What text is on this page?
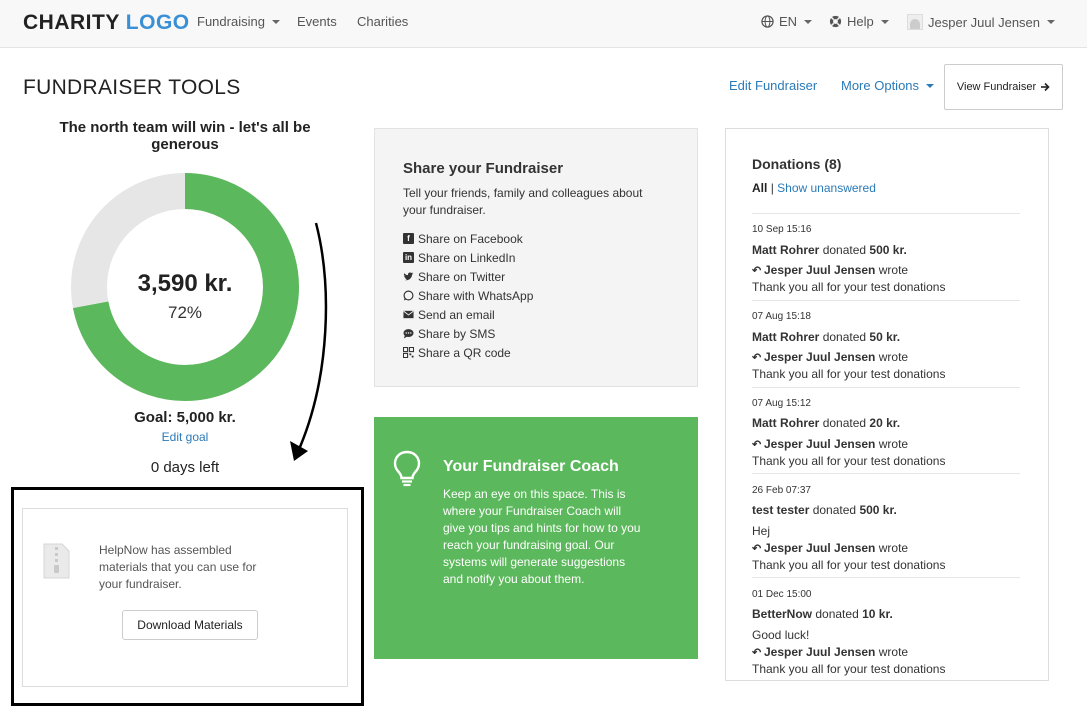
CHARITY LOGO Fundraising Events Charities	EN	Help	Jesper Juul Jensen
FUNDRAISER TOOLS	Edit Fundraiser More Options	View Fundraiser
The north team will win - let's all be generous
3,590 kr.
72%
Goal: 5,000 kr.
Edit goal
0 days left
HelpNow has assembled materials that you can use for your fundraiser.
Download Materials
Share your Fundraiser
Tell your friends, family and colleagues about your fundraiser.
f Share on Facebook
in Share on LinkedIn
Share on Twitter
Share with WhatsApp
Send an email
Share by SMS
Share a QR code
Your Fundraiser Coach
Keep an eye on this space. This is where your Fundraiser Coach will give you tips and hints for how to you reach your fundraising goal. Our systems will generate suggestions and notify you about them.
Donations (8)
All | Show unanswered
10 Sep 15:16
Matt Rohrer donated 500 kr.
↶ Jesper Juul Jensen wrote
Thank you all for your test donations
07 Aug 15:18
Matt Rohrer donated 50 kr.
↶ Jesper Juul Jensen wrote
Thank you all for your test donations
07 Aug 15:12
Matt Rohrer donated 20 kr.
↶ Jesper Juul Jensen wrote
Thank you all for your test donations
26 Feb 07:37
test tester donated 500 kr.
Hej
↶ Jesper Juul Jensen wrote
Thank you all for your test donations
01 Dec 15:00
BetterNow donated 10 kr.
Good luck!
↶ Jesper Juul Jensen wrote
Thank you all for your test donations
